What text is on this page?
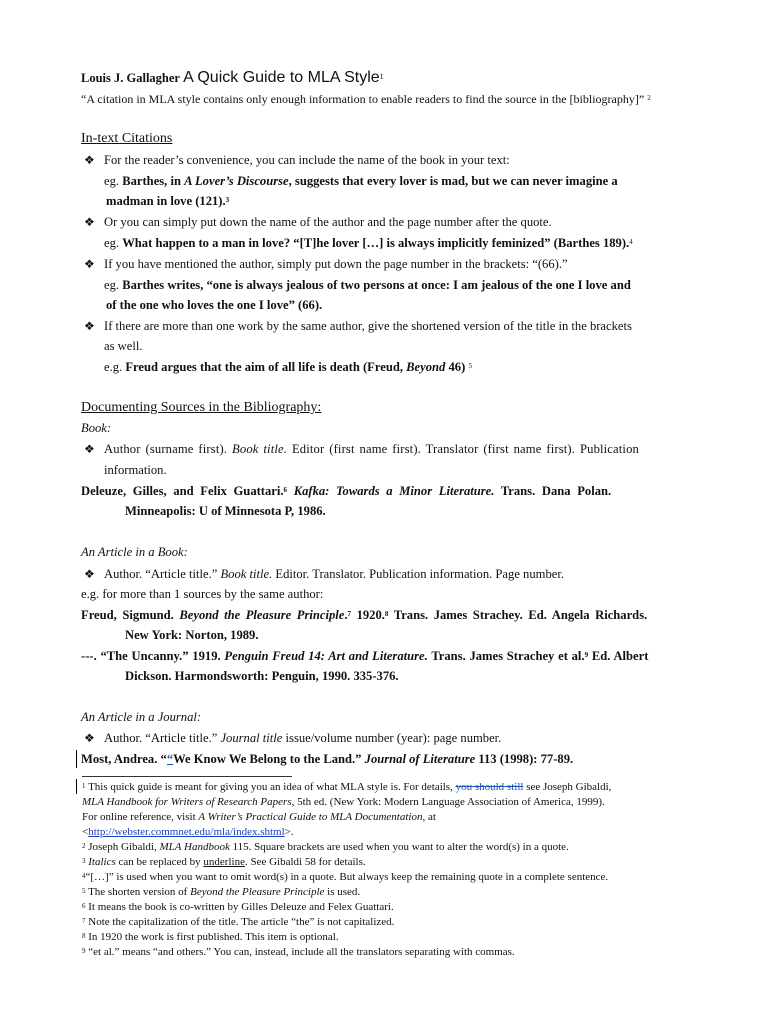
Louis J. Gallagher A Quick Guide to MLA Style$^1$
“A citation in MLA style contains only enough information to enable readers to find the source in the [bibliography]” $^2$
In-text Citations
❖ For the reader’s convenience, you can include the name of the book in your text:
eg. Barthes, in A Lover’s Discourse, suggests that every lover is mad, but we can never imagine a
madman in love (121).$^3$
❖ Or you can simply put down the name of the author and the page number after the quote.
eg. What happen to a man in love? “[T]he lover […] is always implicitly feminized” (Barthes 189).$^4$
❖ If you have mentioned the author, simply put down the page number in the brackets: “(66).”
eg. Barthes writes, “one is always jealous of two persons at once: I am jealous of the one I love and
of the one who loves the one I love” (66).
❖ If there are more than one work by the same author, give the shortened version of the title in the brackets
as well.
e.g. Freud argues that the aim of all life is death (Freud, Beyond 46) $^5$
Documenting Sources in the Bibliography:
Book:
❖ Author (surname first). Book title. Editor (first name first). Translator (first name first). Publication
information.
Deleuze, Gilles, and Felix Guattari.$^6$ Kafka: Towards a Minor Literature. Trans. Dana Polan.
Minneapolis: U of Minnesota P, 1986.
An Article in a Book:
❖ Author. “Article title.” Book title. Editor. Translator. Publication information. Page number.
e.g. for more than 1 sources by the same author:
Freud, Sigmund. Beyond the Pleasure Principle.$^7$ 1920.$^8$ Trans. James Strachey. Ed. Angela Richards.
New York: Norton, 1989.
---. “The Uncanny.” 1919. Penguin Freud 14: Art and Literature. Trans. James Strachey et al.$^9$ Ed. Albert
Dickson. Harmondsworth: Penguin, 1990. 335-376.
An Article in a Journal:
❖ Author. “Article title.” Journal title issue/volume number (year): page number.
Most, Andrea. ““We Know We Belong to the Land.” Journal of Literature 113 (1998): 77-89.
$^1$ This quick guide is meant for giving you an idea of what MLA style is. For details, you should still see Joseph Gibaldi,
MLA Handbook for Writers of Research Papers, 5th ed. (New York: Modern Language Association of America, 1999).
For online reference, visit A Writer’s Practical Guide to MLA Documentation, at
<http://webster.commnet.edu/mla/index.shtml>.
$^2$ Joseph Gibaldi, MLA Handbook 115. Square brackets are used when you want to alter the word(s) in a quote.
$^3$ Italics can be replaced by underline. See Gibaldi 58 for details.
$^4$“[…]” is used when you want to omit word(s) in a quote. But always keep the remaining quote in a complete sentence.
$^5$ The shorten version of Beyond the Pleasure Principle is used.
$^6$ It means the book is co-written by Gilles Deleuze and Felex Guattari.
$^7$ Note the capitalization of the title. The article “the” is not capitalized.
$^8$ In 1920 the work is first published. This item is optional.
$^9$ “et al.” means “and others.” You can, instead, include all the translators separating with commas.
